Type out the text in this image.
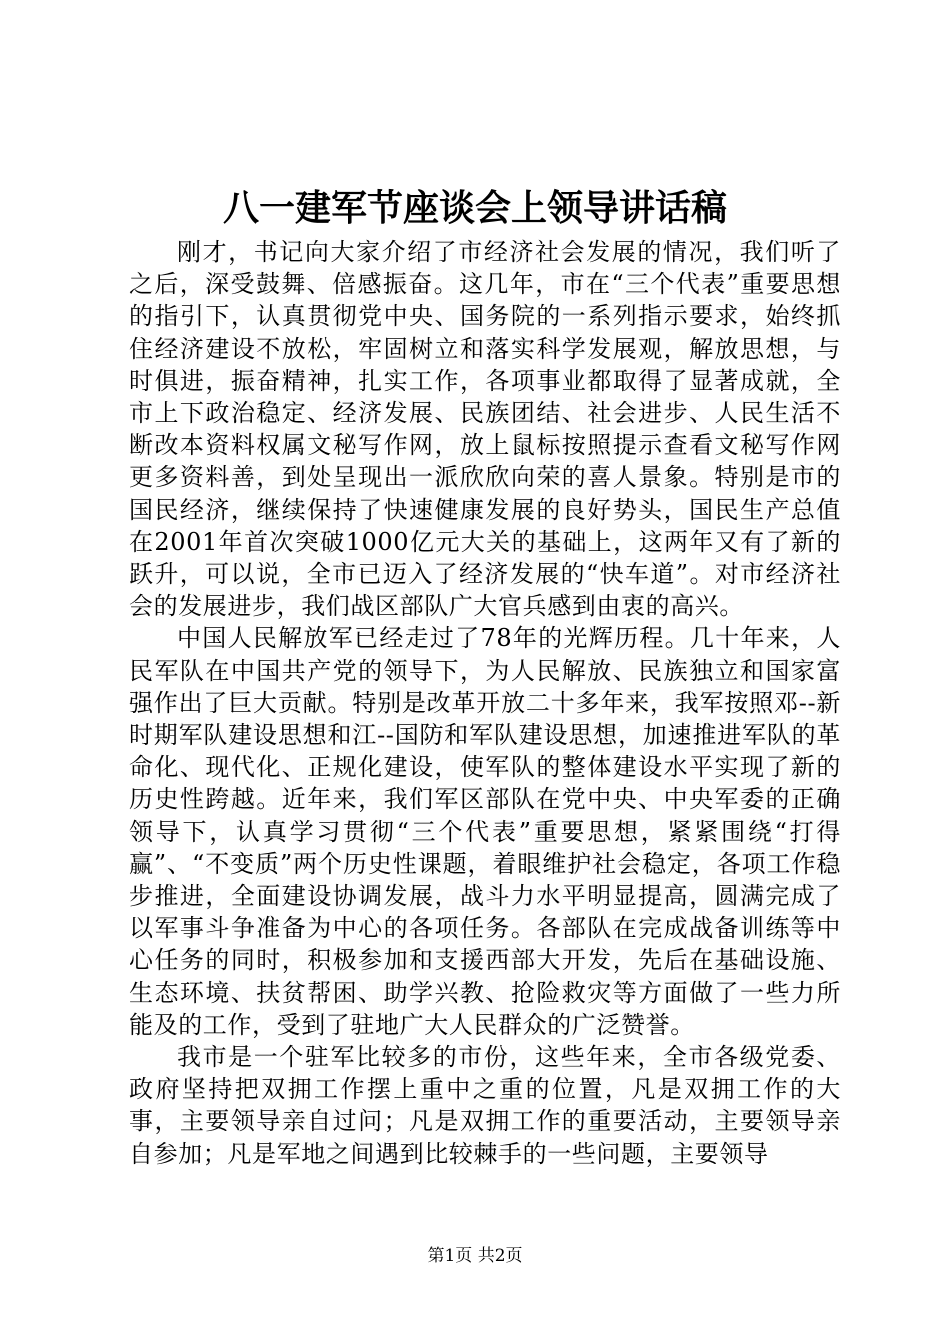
八一建军节座谈会上领导讲话稿

刚才，书记向大家介绍了市经济社会发展的情况，我们听了之后，深受鼓舞、倍感振奋。这几年，市在“三个代表”重要思想的指引下，认真贯彻党中央、国务院的一系列指示要求，始终抓住经济建设不放松，牢固树立和落实科学发展观，解放思想，与时俱进，振奋精神，扎实工作，各项事业都取得了显著成就，全市上下政治稳定、经济发展、民族团结、社会进步、人民生活不断改本资料权属文秘写作网，放上鼠标按照提示查看文秘写作网更多资料善，到处呈现出一派欣欣向荣的喜人景象。特别是市的国民经济，继续保持了快速健康发展的良好势头，国民生产总值在2001年首次突破1000亿元大关的基础上，这两年又有了新的跃升，可以说，全市已迈入了经济发展的“快车道”。对市经济社会的发展进步，我们战区部队广大官兵感到由衷的高兴。

中国人民解放军已经走过了78年的光辉历程。几十年来，人民军队在中国共产党的领导下，为人民解放、民族独立和国家富强作出了巨大贡献。特别是改革开放二十多年来，我军按照邓--新时期军队建设思想和江--国防和军队建设思想，加速推进军队的革命化、现代化、正规化建设，使军队的整体建设水平实现了新的历史性跨越。近年来，我们军区部队在党中央、中央军委的正确领导下，认真学习贯彻“三个代表”重要思想，紧紧围绕“打得赢”、“不变质”两个历史性课题，着眼维护社会稳定，各项工作稳步推进，全面建设协调发展，战斗力水平明显提高，圆满完成了以军事斗争准备为中心的各项任务。各部队在完成战备训练等中心任务的同时，积极参加和支援西部大开发，先后在基础设施、生态环境、扶贫帮困、助学兴教、抢险救灾等方面做了一些力所能及的工作，受到了驻地广大人民群众的广泛赞誉。

我市是一个驻军比较多的市份，这些年来，全市各级党委、政府坚持把双拥工作摆上重中之重的位置，凡是双拥工作的大事，主要领导亲自过问；凡是双拥工作的重要活动，主要领导亲自参加；凡是军地之间遇到比较棘手的一些问题，主要领导

第1页 共2页
